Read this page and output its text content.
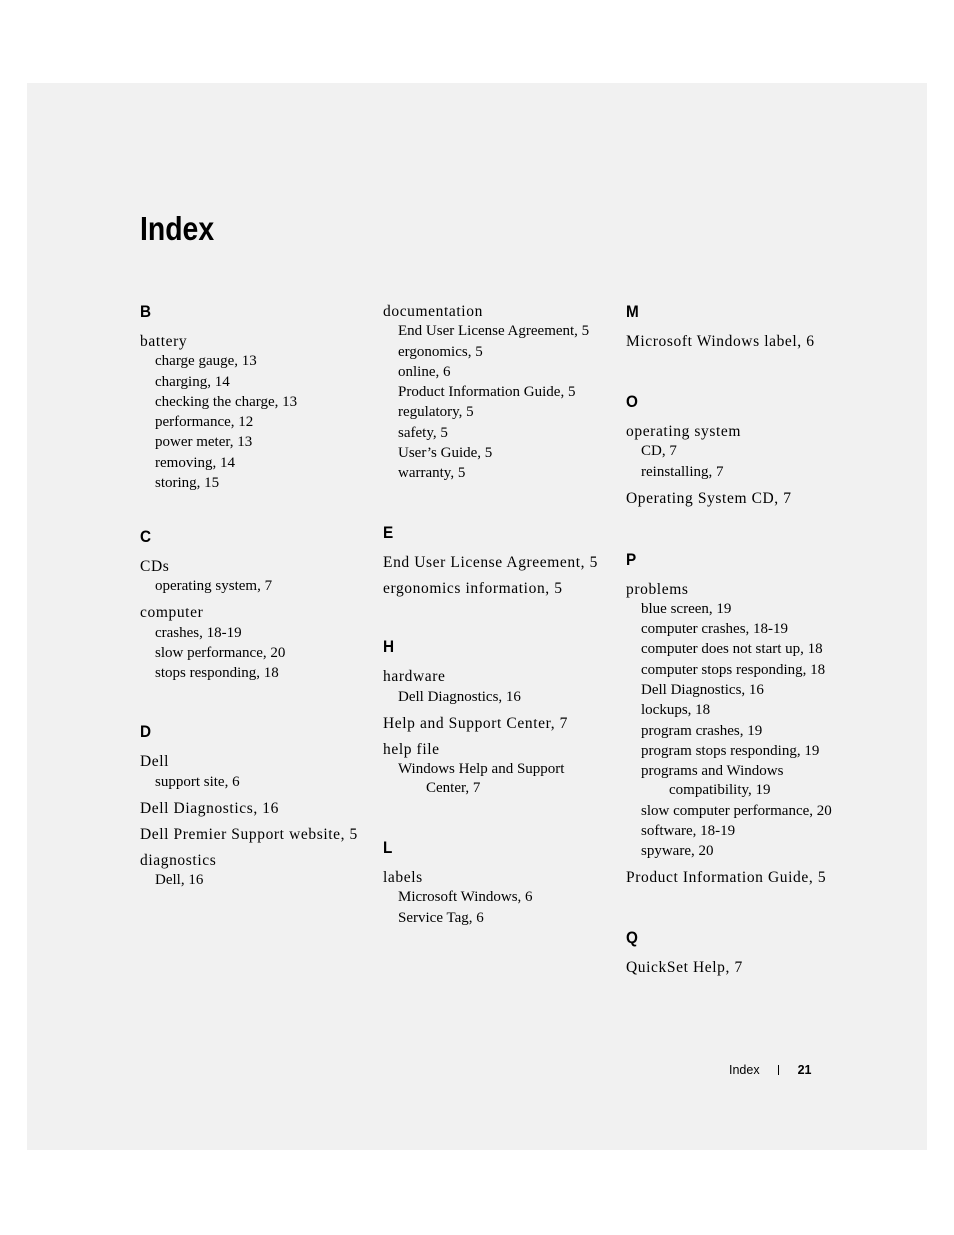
Index
B
battery
charge gauge, 13
charging, 14
checking the charge, 13
performance, 12
power meter, 13
removing, 14
storing, 15
C
CDs
operating system, 7
computer
crashes, 18-19
slow performance, 20
stops responding, 18
D
Dell
support site, 6
Dell Diagnostics, 16
Dell Premier Support website, 5
diagnostics
Dell, 16
documentation
End User License Agreement, 5
ergonomics, 5
online, 6
Product Information Guide, 5
regulatory, 5
safety, 5
User’s Guide, 5
warranty, 5
E
End User License Agreement, 5
ergonomics information, 5
H
hardware
Dell Diagnostics, 16
Help and Support Center, 7
help file
Windows Help and Support Center, 7
L
labels
Microsoft Windows, 6
Service Tag, 6
M
Microsoft Windows label, 6
O
operating system
CD, 7
reinstalling, 7
Operating System CD, 7
P
problems
blue screen, 19
computer crashes, 18-19
computer does not start up, 18
computer stops responding, 18
Dell Diagnostics, 16
lockups, 18
program crashes, 19
program stops responding, 19
programs and Windows compatibility, 19
slow computer performance, 20
software, 18-19
spyware, 20
Product Information Guide, 5
Q
QuickSet Help, 7
Index	21
